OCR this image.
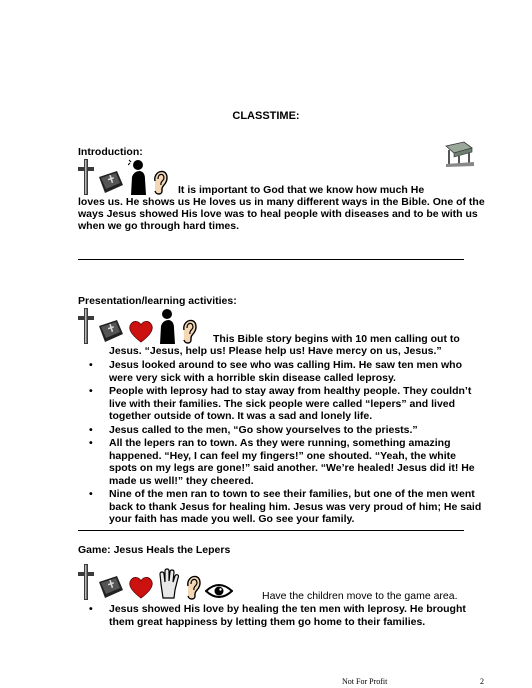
CLASSTIME:
Introduction:
It is important to God that we know how much He
loves us. He shows us He loves us in many different ways in the Bible. One of the
ways Jesus showed His love was to heal people with diseases and to be with us
when we go through hard times.
Presentation/learning activities:
This Bible story begins with 10 men calling out to
Jesus. “Jesus, help us! Please help us! Have mercy on us, Jesus.”
• Jesus looked around to see who was calling Him. He saw ten men who
were very sick with a horrible skin disease called leprosy.
• People with leprosy had to stay away from healthy people. They couldn’t
live with their families. The sick people were called “lepers” and lived
together outside of town. It was a sad and lonely life.
• Jesus called to the men, “Go show yourselves to the priests.”
• All the lepers ran to town. As they were running, something amazing
happened. “Hey, I can feel my fingers!” one shouted. “Yeah, the white
spots on my legs are gone!” said another. “We’re healed! Jesus did it! He
made us well!” they cheered.
• Nine of the men ran to town to see their families, but one of the men went
back to thank Jesus for healing him. Jesus was very proud of him; He said
your faith has made you well. Go see your family.
Game: Jesus Heals the Lepers
Have the children move to the game area.
• Jesus showed His love by healing the ten men with leprosy. He brought
them great happiness by letting them go home to their families.
Not For Profit	2
